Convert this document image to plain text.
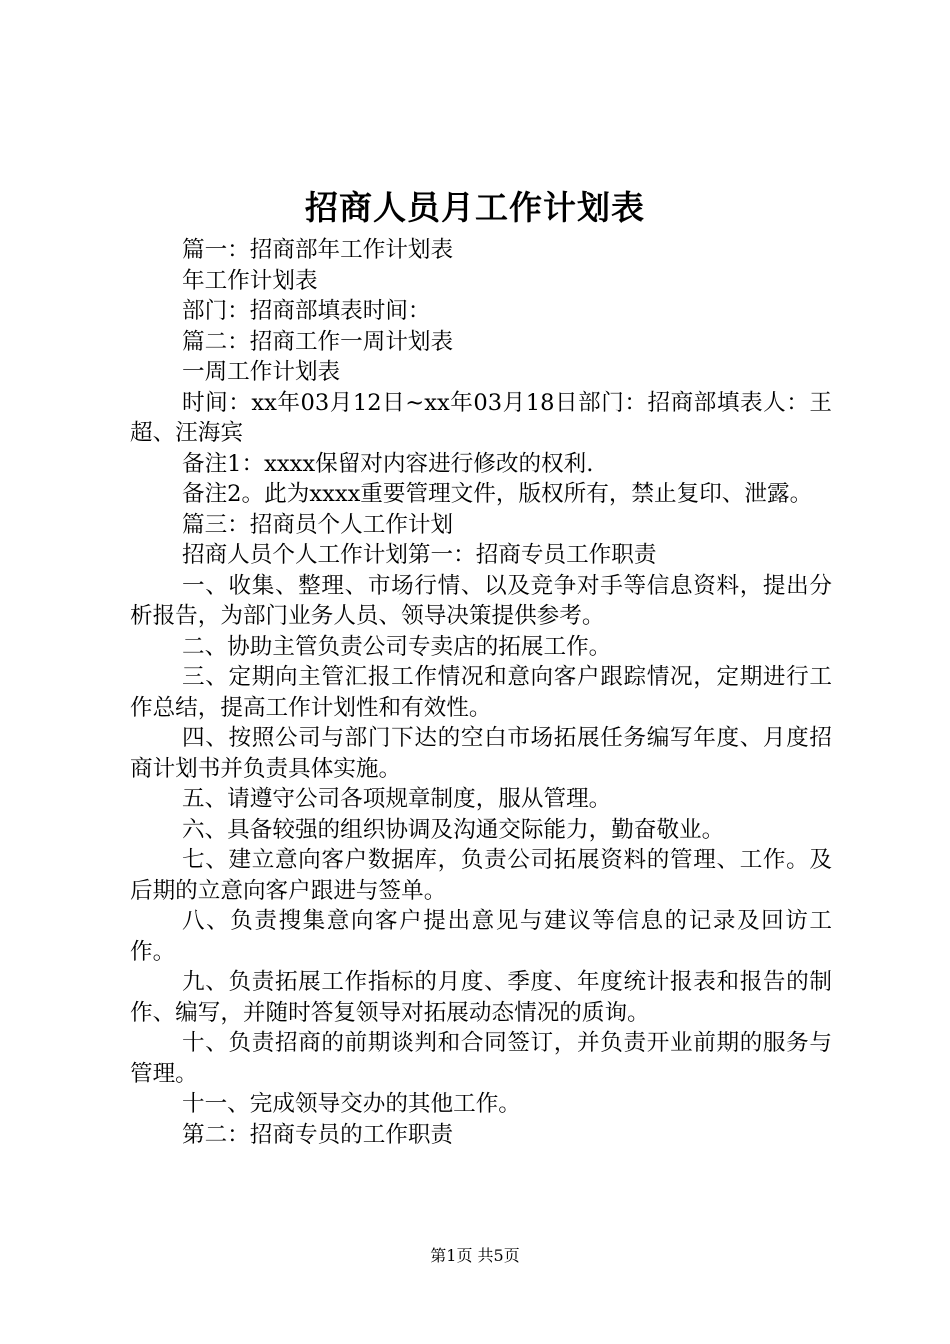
招商人员月工作计划表

篇一：招商部年工作计划表

年工作计划表

部门：招商部填表时间：

篇二：招商工作一周计划表

一周工作计划表

时间：xx年03月12日~xx年03月18日部门：招商部填表人：王超、汪海宾

备注1：xxxx保留对内容进行修改的权利.

备注2。此为xxxx重要管理文件，版权所有，禁止复印、泄露。

篇三：招商员个人工作计划

招商人员个人工作计划第一：招商专员工作职责

一、收集、整理、市场行情、以及竞争对手等信息资料，提出分析报告，为部门业务人员、领导决策提供参考。

二、协助主管负责公司专卖店的拓展工作。

三、定期向主管汇报工作情况和意向客户跟踪情况，定期进行工作总结，提高工作计划性和有效性。

四、按照公司与部门下达的空白市场拓展任务编写年度、月度招商计划书并负责具体实施。

五、请遵守公司各项规章制度，服从管理。

六、具备较强的组织协调及沟通交际能力，勤奋敬业。

七、建立意向客户数据库，负责公司拓展资料的管理、工作。及后期的立意向客户跟进与签单。

八、负责搜集意向客户提出意见与建议等信息的记录及回访工作。

九、负责拓展工作指标的月度、季度、年度统计报表和报告的制作、编写，并随时答复领导对拓展动态情况的质询。

十、负责招商的前期谈判和合同签订，并负责开业前期的服务与管理。

十一、完成领导交办的其他工作。

第二：招商专员的工作职责

第1页 共5页
